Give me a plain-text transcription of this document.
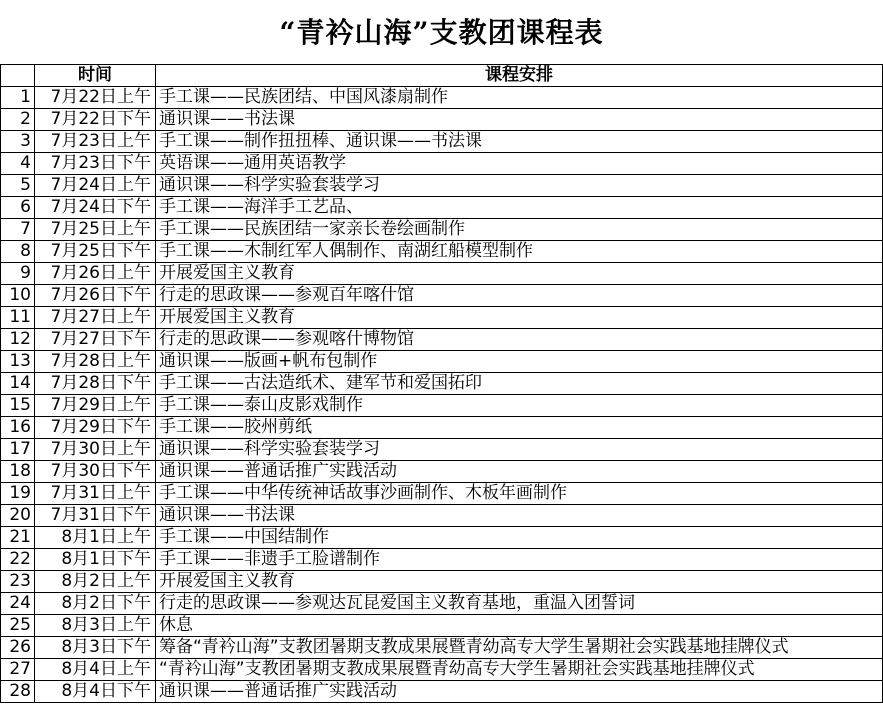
“青衿山海”支教团课程表
	时间	课程安排
1	7月22日上午	手工课——民族团结、中国风漆扇制作
2	7月22日下午	通识课——书法课
3	7月23日上午	手工课——制作扭扭棒、通识课——书法课
4	7月23日下午	英语课——通用英语教学
5	7月24日上午	通识课——科学实验套装学习
6	7月24日下午	手工课——海洋手工艺品、
7	7月25日上午	手工课——民族团结一家亲长卷绘画制作
8	7月25日下午	手工课——木制红军人偶制作、南湖红船模型制作
9	7月26日上午	开展爱国主义教育
10	7月26日下午	行走的思政课——参观百年喀什馆
11	7月27日上午	开展爱国主义教育
12	7月27日下午	行走的思政课——参观喀什博物馆
13	7月28日上午	通识课——版画+帆布包制作
14	7月28日下午	手工课——古法造纸术、建军节和爱国拓印
15	7月29日上午	手工课——泰山皮影戏制作
16	7月29日下午	手工课——胶州剪纸
17	7月30日上午	通识课——科学实验套装学习
18	7月30日下午	通识课——普通话推广实践活动
19	7月31日上午	手工课——中华传统神话故事沙画制作、木板年画制作
20	7月31日下午	通识课——书法课
21	8月1日上午	手工课——中国结制作
22	8月1日下午	手工课——非遗手工脸谱制作
23	8月2日上午	开展爱国主义教育
24	8月2日下午	行走的思政课——参观达瓦昆爱国主义教育基地，重温入团誓词
25	8月3日上午	休息
26	8月3日下午	筹备“青衿山海”支教团暑期支教成果展暨青幼高专大学生暑期社会实践基地挂牌仪式
27	8月4日上午	“青衿山海”支教团暑期支教成果展暨青幼高专大学生暑期社会实践基地挂牌仪式
28	8月4日下午	通识课——普通话推广实践活动
